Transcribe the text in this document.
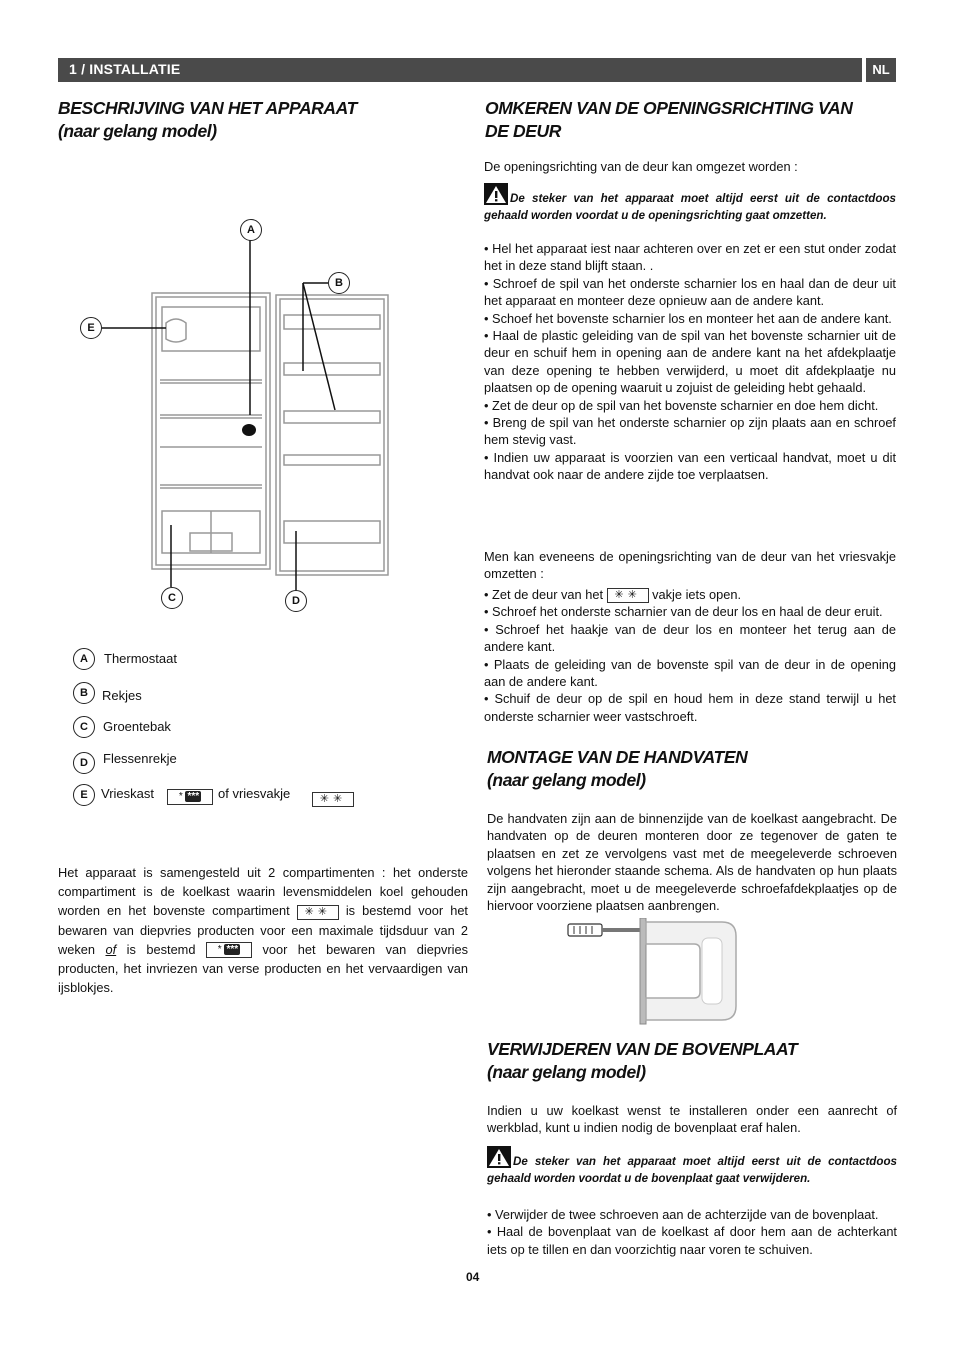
1 / INSTALLATIE	NL
BESCHRIJVING VAN HET APPARAAT
(naar gelang model)
A
B
E
C	D
A	Thermostaat
B	Rekjes
C	Groentebak
D	Flessenrekje
E	Vrieskast	* ***	of vriesvakje	✳✳
Het apparaat is samengesteld uit 2 compartimenten : het onderste compartiment is de koelkast waarin levensmiddelen koel gehouden worden en het bovenste compartiment ✳✳ is bestemd voor het bewaren van diepvries producten voor een maximale tijdsduur van 2 weken of is bestemd * *** voor het bewaren van diepvries producten, het invriezen van verse producten en het vervaardigen van ijsblokjes.
OMKEREN VAN DE OPENINGSRICHTING VAN
DE DEUR
De openingsrichting van de deur kan omgezet worden :
De steker van het apparaat moet altijd eerst uit de contactdoos gehaald worden voordat u de openingsrichting gaat omzetten.

• Hel het apparaat iest naar achteren over en zet er een stut onder zodat het in deze stand blijft staan. .

• Schroef de spil van het onderste scharnier los en haal dan de deur uit het apparaat en monteer deze opnieuw aan de andere kant.

• Schoef het bovenste scharnier los en monteer het aan de andere kant.

• Haal de plastic geleiding van de spil van het bovenste scharnier uit de deur en schuif hem in opening aan de andere kant na het afdekplaatje van deze opening te hebben verwijderd, u moet dit afdekplaatje nu plaatsen op de opening waaruit u zojuist de geleiding hebt gehaald.

• Zet de deur op de spil van het bovenste scharnier en doe hem dicht.

• Breng de spil van het onderste scharnier op zijn plaats aan en schroef hem stevig vast.

• Indien uw apparaat is voorzien van een verticaal handvat, moet u dit handvat ook naar de andere zijde toe verplaatsen.

Men kan eveneens de openingsrichting van de deur van het vriesvakje omzetten :

• Zet de deur van het ✳✳ vakje iets open.

• Schroef het onderste scharnier van de deur los en haal de deur eruit.

• Schroef het haakje van de deur los en monteer het terug aan de andere kant.

• Plaats de geleiding van de bovenste spil van de deur in de opening aan de andere kant.

• Schuif de deur op de spil en houd hem in deze stand terwijl u het onderste scharnier weer vastschroeft.

MONTAGE VAN DE HANDVATEN
(naar gelang model)
De handvaten zijn aan de binnenzijde van de koelkast aangebracht. De handvaten op de deuren monteren door ze tegenover de gaten te plaatsen en zet ze vervolgens vast met de meegeleverde schroeven volgens het hieronder staande schema. Als de handvaten op hun plaats zijn aangebracht, moet u de meegeleverde schroefafdekplaatjes op de hiervoor voorziene plaatsen aanbrengen.
VERWIJDEREN VAN DE BOVENPLAAT
(naar gelang model)
Indien u uw koelkast wenst te installeren onder een aanrecht of werkblad, kunt u indien nodig de bovenplaat eraf halen.
De steker van het apparaat moet altijd eerst uit de contactdoos gehaald worden voordat u de bovenplaat gaat verwijderen.

• Verwijder de twee schroeven aan de achterzijde van de bovenplaat.

• Haal de bovenplaat van de koelkast af door hem aan de achterkant iets op te tillen en dan voorzichtig naar voren te schuiven.

04
